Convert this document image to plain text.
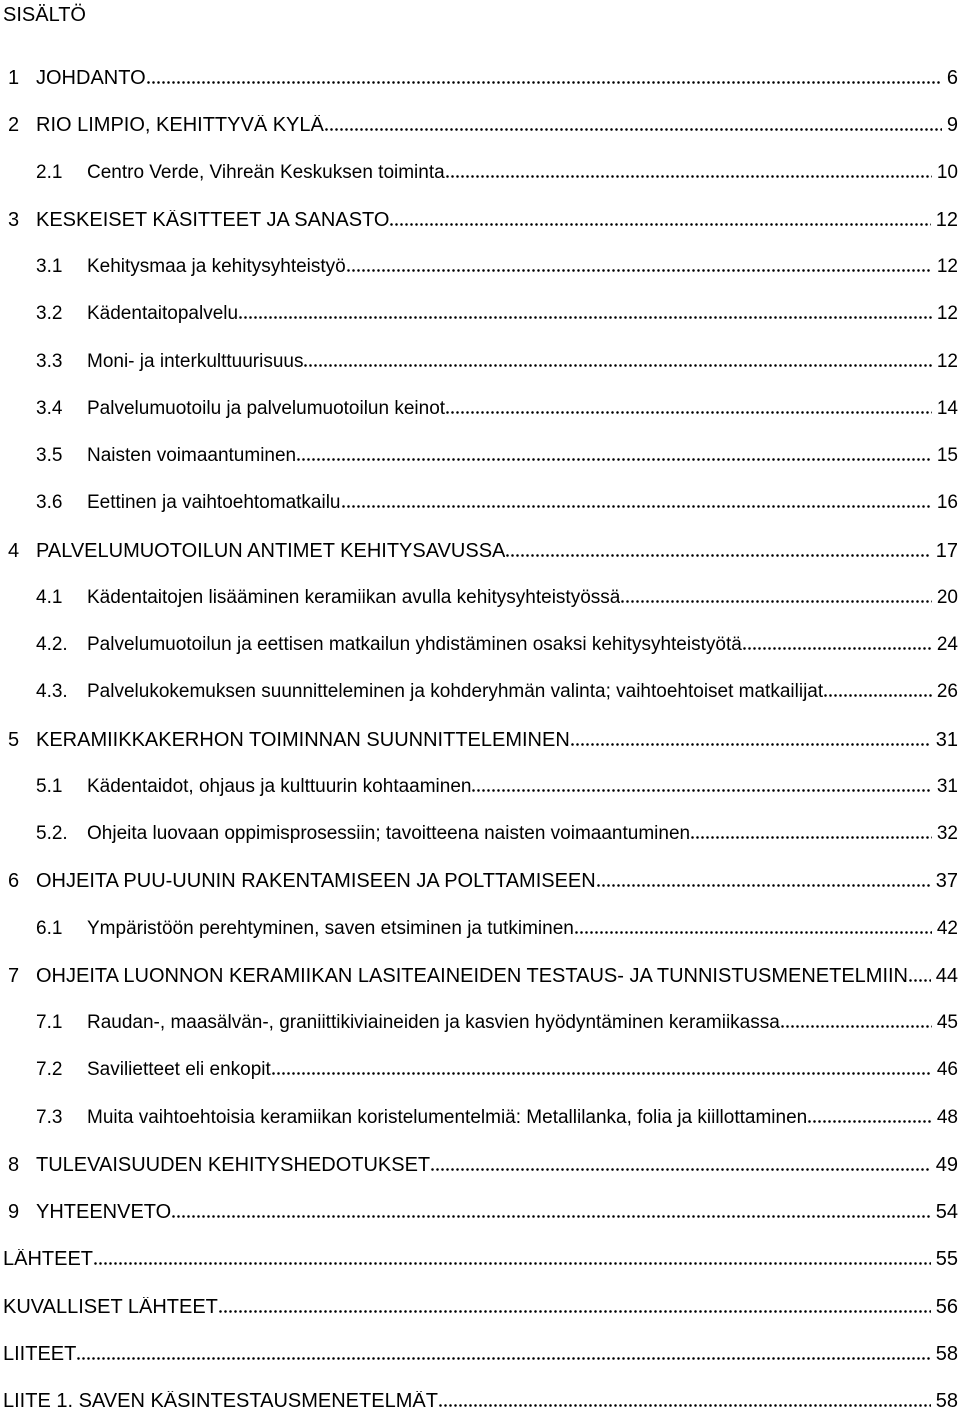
SISÄLTÖ
1 JOHDANTO	6
2 RIO LIMPIO, KEHITTYVÄ KYLÄ	9
2.1	Centro Verde, Vihreän Keskuksen toiminta	10
3 KESKEISET KÄSITTEET JA SANASTO	12
3.1	Kehitysmaa ja kehitysyhteistyö	12
3.2	Kädentaitopalvelu	12
3.3	Moni- ja interkulttuurisuus	12
3.4	Palvelumuotoilu ja palvelumuotoilun keinot	14
3.5	Naisten voimaantuminen	15
3.6	Eettinen ja vaihtoehtomatkailu	16
4 PALVELUMUOTOILUN ANTIMET KEHITYSAVUSSA	17
4.1	Kädentaitojen lisääminen keramiikan avulla kehitysyhteistyössä	20
4.2.	Palvelumuotoilun ja eettisen matkailun yhdistäminen osaksi kehitysyhteistyötä	24
4.3.	Palvelukokemuksen suunnitteleminen ja kohderyhmän valinta; vaihtoehtoiset matkailijat	26
5 KERAMIIKKAKERHON TOIMINNAN SUUNNITTELEMINEN	31
5.1	Kädentaidot, ohjaus ja kulttuurin kohtaaminen	31
5.2.	Ohjeita luovaan oppimisprosessiin; tavoitteena naisten voimaantuminen	32
6 OHJEITA PUU-UUNIN RAKENTAMISEEN JA POLTTAMISEEN	37
6.1	Ympäristöön perehtyminen, saven etsiminen ja tutkiminen	42
7 OHJEITA LUONNON KERAMIIKAN LASITEAINEIDEN TESTAUS- JA TUNNISTUSMENETELMIIN 44
7.1	Raudan-, maasälvän-, graniittikiviaineiden ja kasvien hyödyntäminen keramiikassa	45
7.2	Savilietteet eli enkopit	46
7.3	Muita vaihtoehtoisia keramiikan koristelumentelmiä: Metallilanka, folia ja kiillottaminen	48
8 TULEVAISUUDEN KEHITYSHEDOTUKSET	49
9 YHTEENVETO	54
LÄHTEET	55
KUVALLISET LÄHTEET	56
LIITEET	58
LIITE 1. SAVEN KÄSINTESTAUSMENETELMÄT	58
